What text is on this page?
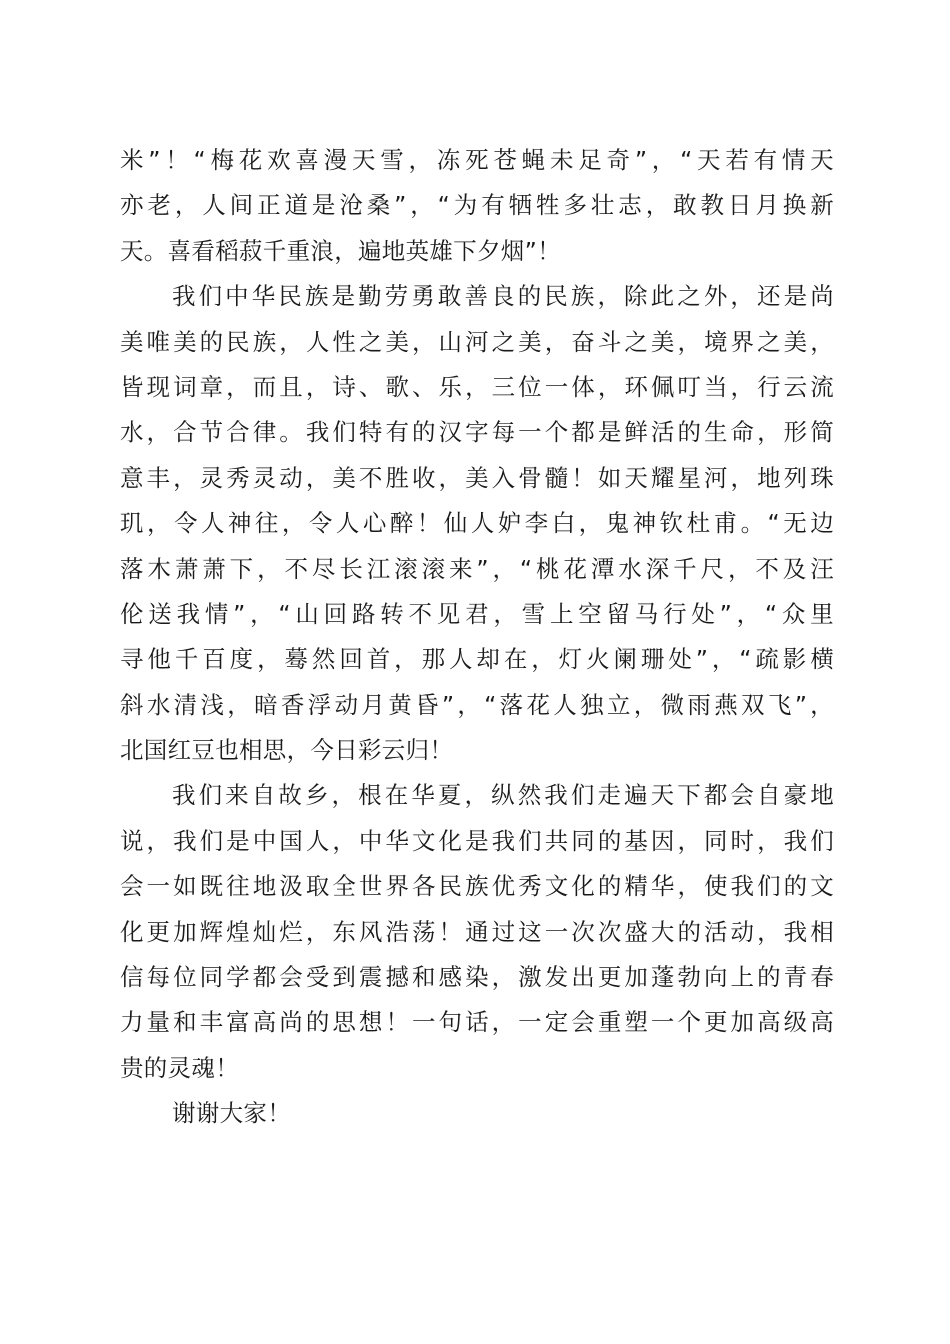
米”！“梅花欢喜漫天雪，冻死苍蝇未足奇”，“天若有情天
亦老，人间正道是沧桑”，“为有牺牲多壮志，敢教日月换新
天。喜看稻菽千重浪，遍地英雄下夕烟”！
我们中华民族是勤劳勇敢善良的民族，除此之外，还是尚
美唯美的民族，人性之美，山河之美，奋斗之美，境界之美，
皆现词章，而且，诗、歌、乐，三位一体，环佩叮当，行云流
水，合节合律。我们特有的汉字每一个都是鲜活的生命，形简
意丰，灵秀灵动，美不胜收，美入骨髓！如天耀星河，地列珠
玑，令人神往，令人心醉！仙人妒李白，鬼神钦杜甫。“无边
落木萧萧下，不尽长江滚滚来”，“桃花潭水深千尺，不及汪
伦送我情”，“山回路转不见君，雪上空留马行处”，“众里
寻他千百度，蓦然回首，那人却在，灯火阑珊处”，“疏影横
斜水清浅，暗香浮动月黄昏”，“落花人独立，微雨燕双飞”，
北国红豆也相思，今日彩云归！
我们来自故乡，根在华夏，纵然我们走遍天下都会自豪地
说，我们是中国人，中华文化是我们共同的基因，同时，我们
会一如既往地汲取全世界各民族优秀文化的精华，使我们的文
化更加辉煌灿烂，东风浩荡！通过这一次次盛大的活动，我相
信每位同学都会受到震撼和感染，激发出更加蓬勃向上的青春
力量和丰富高尚的思想！一句话，一定会重塑一个更加高级高
贵的灵魂！
谢谢大家！
